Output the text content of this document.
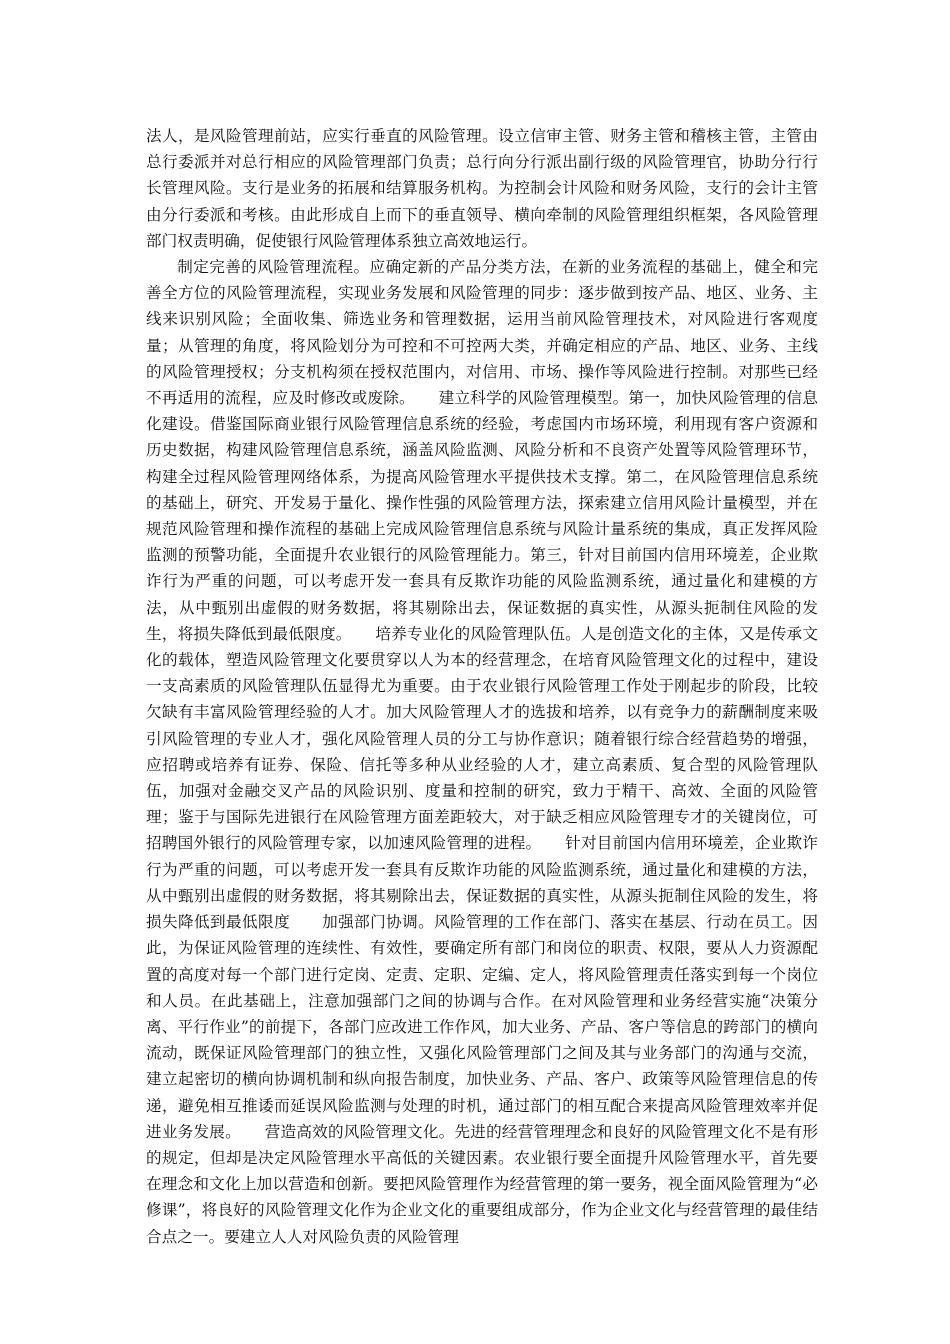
法人，是风险管理前站，应实行垂直的风险管理。设立信审主管、财务主管和稽核主管，主管由总行委派并对总行相应的风险管理部门负责；总行向分行派出副行级的风险管理官，协助分行行长管理风险。支行是业务的拓展和结算服务机构。为控制会计风险和财务风险，支行的会计主管由分行委派和考核。由此形成自上而下的垂直领导、横向牵制的风险管理组织框架，各风险管理部门权责明确，促使银行风险管理体系独立高效地运行。

制定完善的风险管理流程。应确定新的产品分类方法，在新的业务流程的基础上，健全和完善全方位的风险管理流程，实现业务发展和风险管理的同步：逐步做到按产品、地区、业务、主线来识别风险；全面收集、筛选业务和管理数据，运用当前风险管理技术，对风险进行客观度量；从管理的角度，将风险划分为可控和不可控两大类，并确定相应的产品、地区、业务、主线的风险管理授权；分支机构须在授权范围内，对信用、市场、操作等风险进行控制。对那些已经不再适用的流程，应及时修改或废除。　　建立科学的风险管理模型。第一，加快风险管理的信息化建设。借鉴国际商业银行风险管理信息系统的经验，考虑国内市场环境，利用现有客户资源和历史数据，构建风险管理信息系统，涵盖风险监测、风险分析和不良资产处置等风险管理环节，构建全过程风险管理网络体系，为提高风险管理水平提供技术支撑。第二，在风险管理信息系统的基础上，研究、开发易于量化、操作性强的风险管理方法，探索建立信用风险计量模型，并在规范风险管理和操作流程的基础上完成风险管理信息系统与风险计量系统的集成，真正发挥风险监测的预警功能，全面提升农业银行的风险管理能力。第三，针对目前国内信用环境差，企业欺诈行为严重的问题，可以考虑开发一套具有反欺诈功能的风险监测系统，通过量化和建模的方法，从中甄别出虚假的财务数据，将其剔除出去，保证数据的真实性，从源头扼制住风险的发生，将损失降低到最低限度。　　培养专业化的风险管理队伍。人是创造文化的主体，又是传承文化的载体，塑造风险管理文化要贯穿以人为本的经营理念，在培育风险管理文化的过程中，建设一支高素质的风险管理队伍显得尤为重要。由于农业银行风险管理工作处于刚起步的阶段，比较欠缺有丰富风险管理经验的人才。加大风险管理人才的选拔和培养，以有竞争力的薪酬制度来吸引风险管理的专业人才，强化风险管理人员的分工与协作意识；随着银行综合经营趋势的增强，应招聘或培养有证券、保险、信托等多种从业经验的人才，建立高素质、复合型的风险管理队伍，加强对金融交叉产品的风险识别、度量和控制的研究，致力于精干、高效、全面的风险管理；鉴于与国际先进银行在风险管理方面差距较大，对于缺乏相应风险管理专才的关键岗位，可招聘国外银行的风险管理专家，以加速风险管理的进程。　　针对目前国内信用环境差，企业欺诈行为严重的问题，可以考虑开发一套具有反欺诈功能的风险监测系统，通过量化和建模的方法，从中甄别出虚假的财务数据，将其剔除出去，保证数据的真实性，从源头扼制住风险的发生，将损失降低到最低限度　　加强部门协调。风险管理的工作在部门、落实在基层、行动在员工。因此，为保证风险管理的连续性、有效性，要确定所有部门和岗位的职责、权限，要从人力资源配置的高度对每一个部门进行定岗、定责、定职、定编、定人，将风险管理责任落实到每一个岗位和人员。在此基础上，注意加强部门之间的协调与合作。在对风险管理和业务经营实施“决策分离、平行作业”的前提下，各部门应改进工作作风，加大业务、产品、客户等信息的跨部门的横向流动，既保证风险管理部门的独立性，又强化风险管理部门之间及其与业务部门的沟通与交流，建立起密切的横向协调机制和纵向报告制度，加快业务、产品、客户、政策等风险管理信息的传递，避免相互推诿而延误风险监测与处理的时机，通过部门的相互配合来提高风险管理效率并促进业务发展。　　营造高效的风险管理文化。先进的经营管理理念和良好的风险管理文化不是有形的规定，但却是决定风险管理水平高低的关键因素。农业银行要全面提升风险管理水平，首先要在理念和文化上加以营造和创新。要把风险管理作为经营管理的第一要务，视全面风险管理为“必修课”，将良好的风险管理文化作为企业文化的重要组成部分，作为企业文化与经营管理的最佳结合点之一。要建立人人对风险负责的风险管理
